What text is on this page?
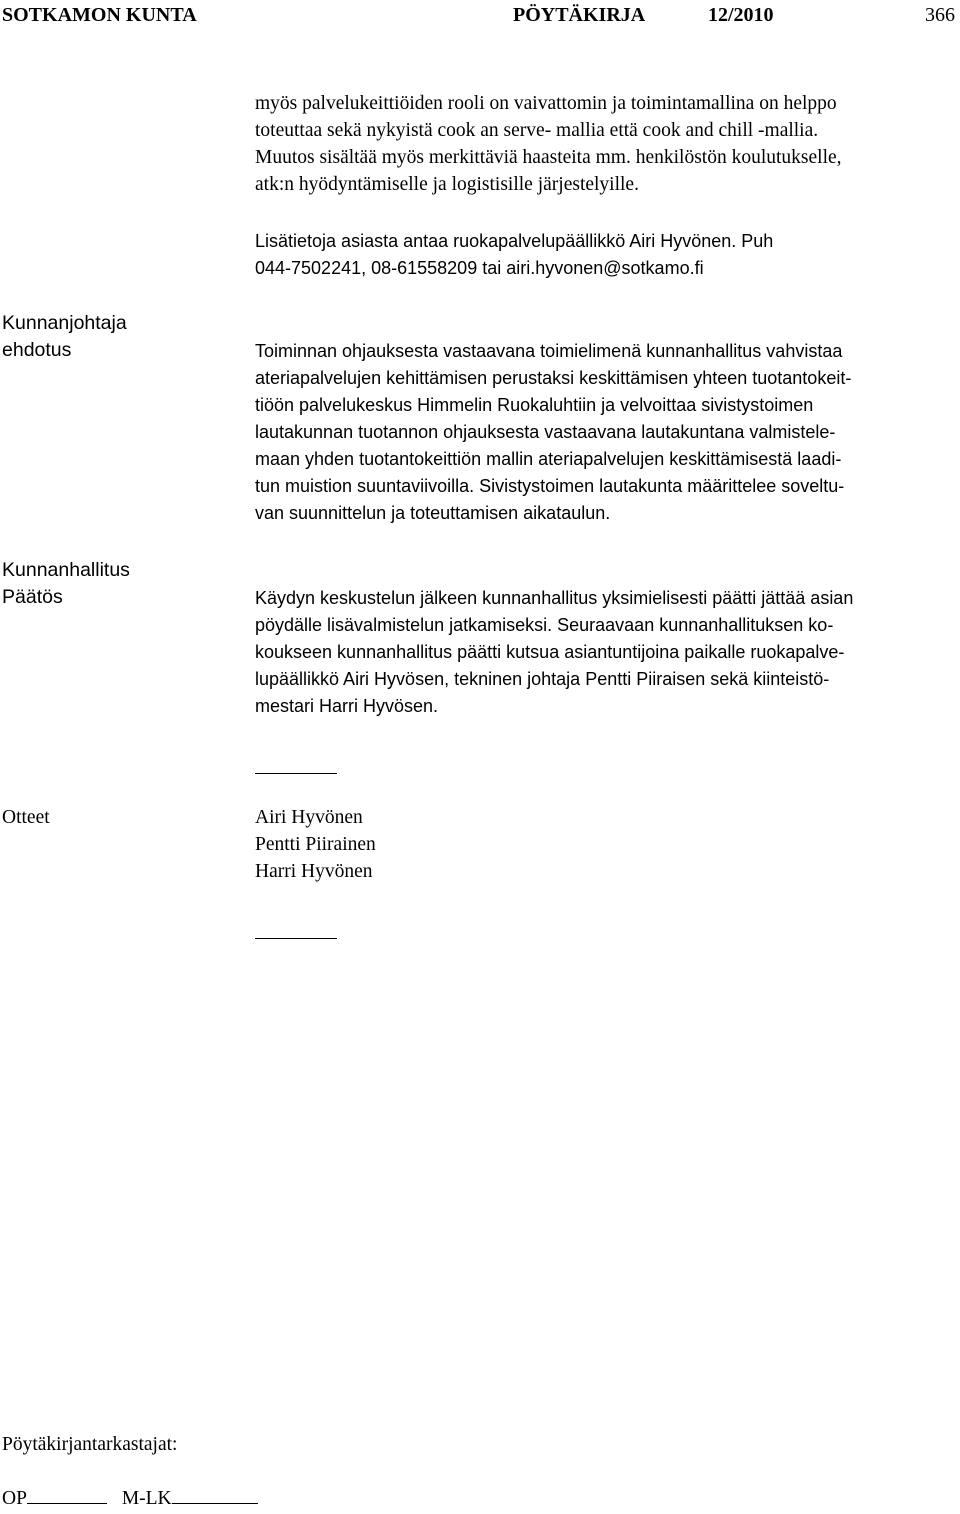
SOTKAMON KUNTA	PÖYTÄKIRJA	12/2010	366
myös palvelukeittiöiden rooli on vaivattomin ja toimintamallina on helppo
toteuttaa sekä nykyistä cook an serve- mallia että cook and chill -mallia.
Muutos sisältää myös merkittäviä haasteita mm. henkilöstön koulutukselle,
atk:n hyödyntämiselle ja logistisille järjestelyille.
Lisätietoja asiasta antaa ruokapalvelupäällikkö Airi Hyvönen. Puh
044-7502241, 08-61558209 tai airi.hyvonen@sotkamo.fi
Kunnanjohtaja
ehdotus	Toiminnan ohjauksesta vastaavana toimielimenä kunnanhallitus vahvistaa
ateriapalvelujen kehittämisen perustaksi keskittämisen yhteen tuotantokeit-
tiöön palvelukeskus Himmelin Ruokaluhtiin ja velvoittaa sivistystoimen
lautakunnan tuotannon ohjauksesta vastaavana lautakuntana valmistele-
maan yhden tuotantokeittiön mallin ateriapalvelujen keskittämisestä laadi-
tun muistion suuntaviivoilla. Sivistystoimen lautakunta määrittelee soveltu-
van suunnittelun ja toteuttamisen aikataulun.
Kunnanhallitus
Päätös	Käydyn keskustelun jälkeen kunnanhallitus yksimielisesti päätti jättää asian
pöydälle lisävalmistelun jatkamiseksi. Seuraavaan kunnanhallituksen ko-
koukseen kunnanhallitus päätti kutsua asiantuntijoina paikalle ruokapalve-
lupäällikkö Airi Hyvösen, tekninen johtaja Pentti Piiraisen sekä kiinteistö-
mestari Harri Hyvösen.
Otteet	Airi Hyvönen
Pentti Piirainen
Harri Hyvönen
Pöytäkirjantarkastajat:
OP	M-LK
